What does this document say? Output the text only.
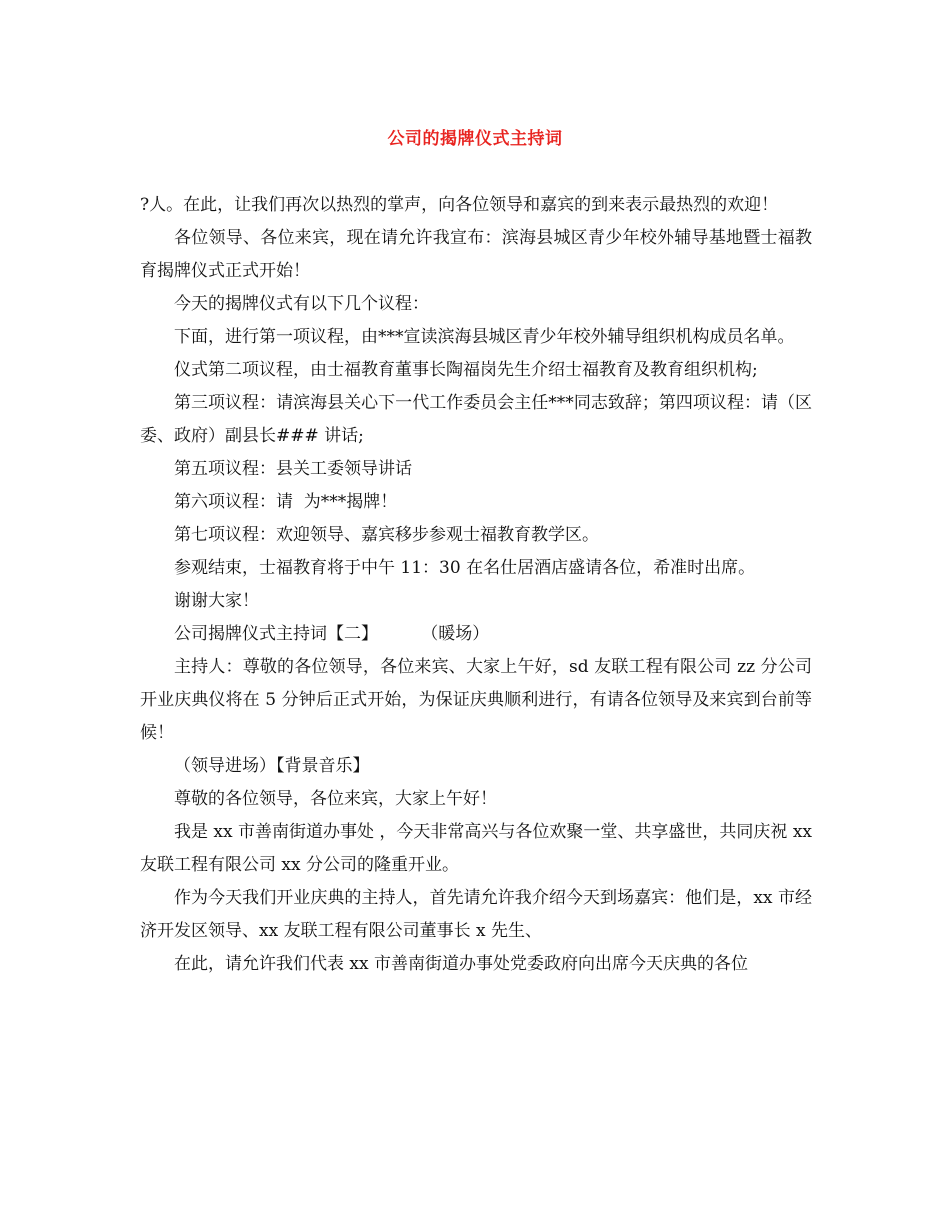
公司的揭牌仪式主持词

?人。在此，让我们再次以热烈的掌声，向各位领导和嘉宾的到来表示最热烈的欢迎！

各位领导、各位来宾，现在请允许我宣布：滨海县城区青少年校外辅导基地暨士福教育揭牌仪式正式开始！

今天的揭牌仪式有以下几个议程：

下面，进行第一项议程，由***宣读滨海县城区青少年校外辅导组织机构成员名单。

仪式第二项议程，由士福教育董事长陶福岗先生介绍士福教育及教育组织机构;

第三项议程：请滨海县关心下一代工作委员会主任***同志致辞；第四项议程：请（区委、政府）副县长### 讲话;

第五项议程：县关工委领导讲话

第六项议程：请  为***揭牌！

第七项议程：欢迎领导、嘉宾移步参观士福教育教学区。

参观结束，士福教育将于中午 11：30 在名仕居酒店盛请各位，希准时出席。

谢谢大家！

公司揭牌仪式主持词【二】        （暖场）

主持人：尊敬的各位领导，各位来宾、大家上午好，sd 友联工程有限公司 zz 分公司开业庆典仪将在 5 分钟后正式开始，为保证庆典顺利进行，有请各位领导及来宾到台前等候！

（领导进场）【背景音乐】

尊敬的各位领导，各位来宾，大家上午好！

我是 xx 市善南街道办事处 ，今天非常高兴与各位欢聚一堂、共享盛世，共同庆祝 xx 友联工程有限公司 xx 分公司的隆重开业。

作为今天我们开业庆典的主持人，首先请允许我介绍今天到场嘉宾：他们是，xx 市经济开发区领导、xx 友联工程有限公司董事长 x 先生、

在此，请允许我们代表 xx 市善南街道办事处党委政府向出席今天庆典的各位
